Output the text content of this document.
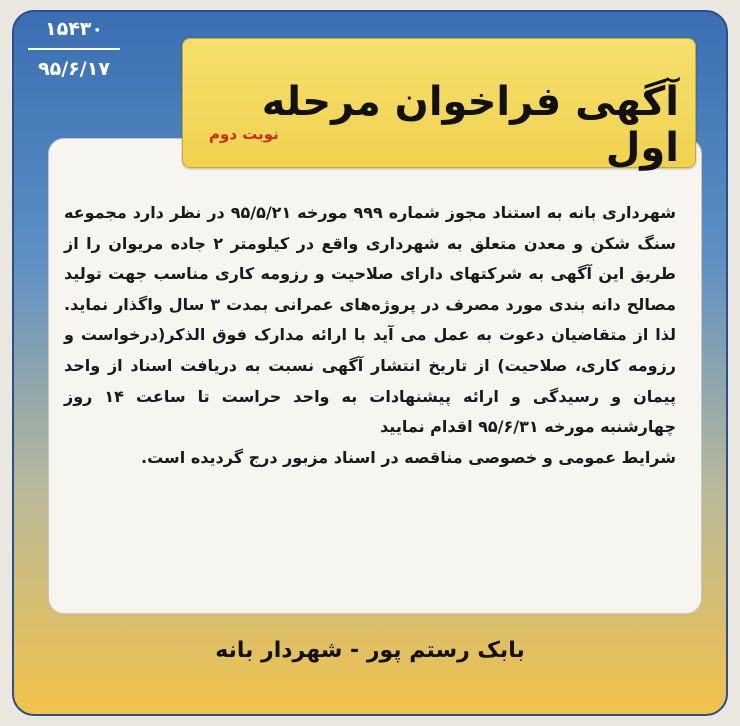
۱۵۴۳۰
۹۵/۶/۱۷
آگهی فراخوان مرحله اول
نوبت دوم

شهرداری بانه به استناد مجوز شماره ۹۹۹ مورخه ۹۵/۵/۲۱ در نظر دارد مجموعه سنگ شکن و معدن متعلق به شهرداری واقع در کیلومتر ۲ جاده مریوان را از طریق این آگهی به شرکتهای دارای صلاحیت و رزومه کاری مناسب جهت تولید مصالح دانه بندی مورد مصرف در پروژه‌های عمرانی بمدت ۳ سال واگذار نماید. لذا از متقاضیان دعوت به عمل می آید با ارائه مدارک فوق الذکر(درخواست و رزومه کاری، صلاحیت) از تاریخ انتشار آگهی نسبت به دریافت اسناد از واحد پیمان و رسیدگی و ارائه پیشنهادات به واحد حراست تا ساعت ۱۴ روز چهارشنبه مورخه ۹۵/۶/۳۱ اقدام نمایید

شرایط عمومی و خصوصی مناقصه در اسناد مزبور درج گردیده است.

بابک رستم پور - شهردار بانه
